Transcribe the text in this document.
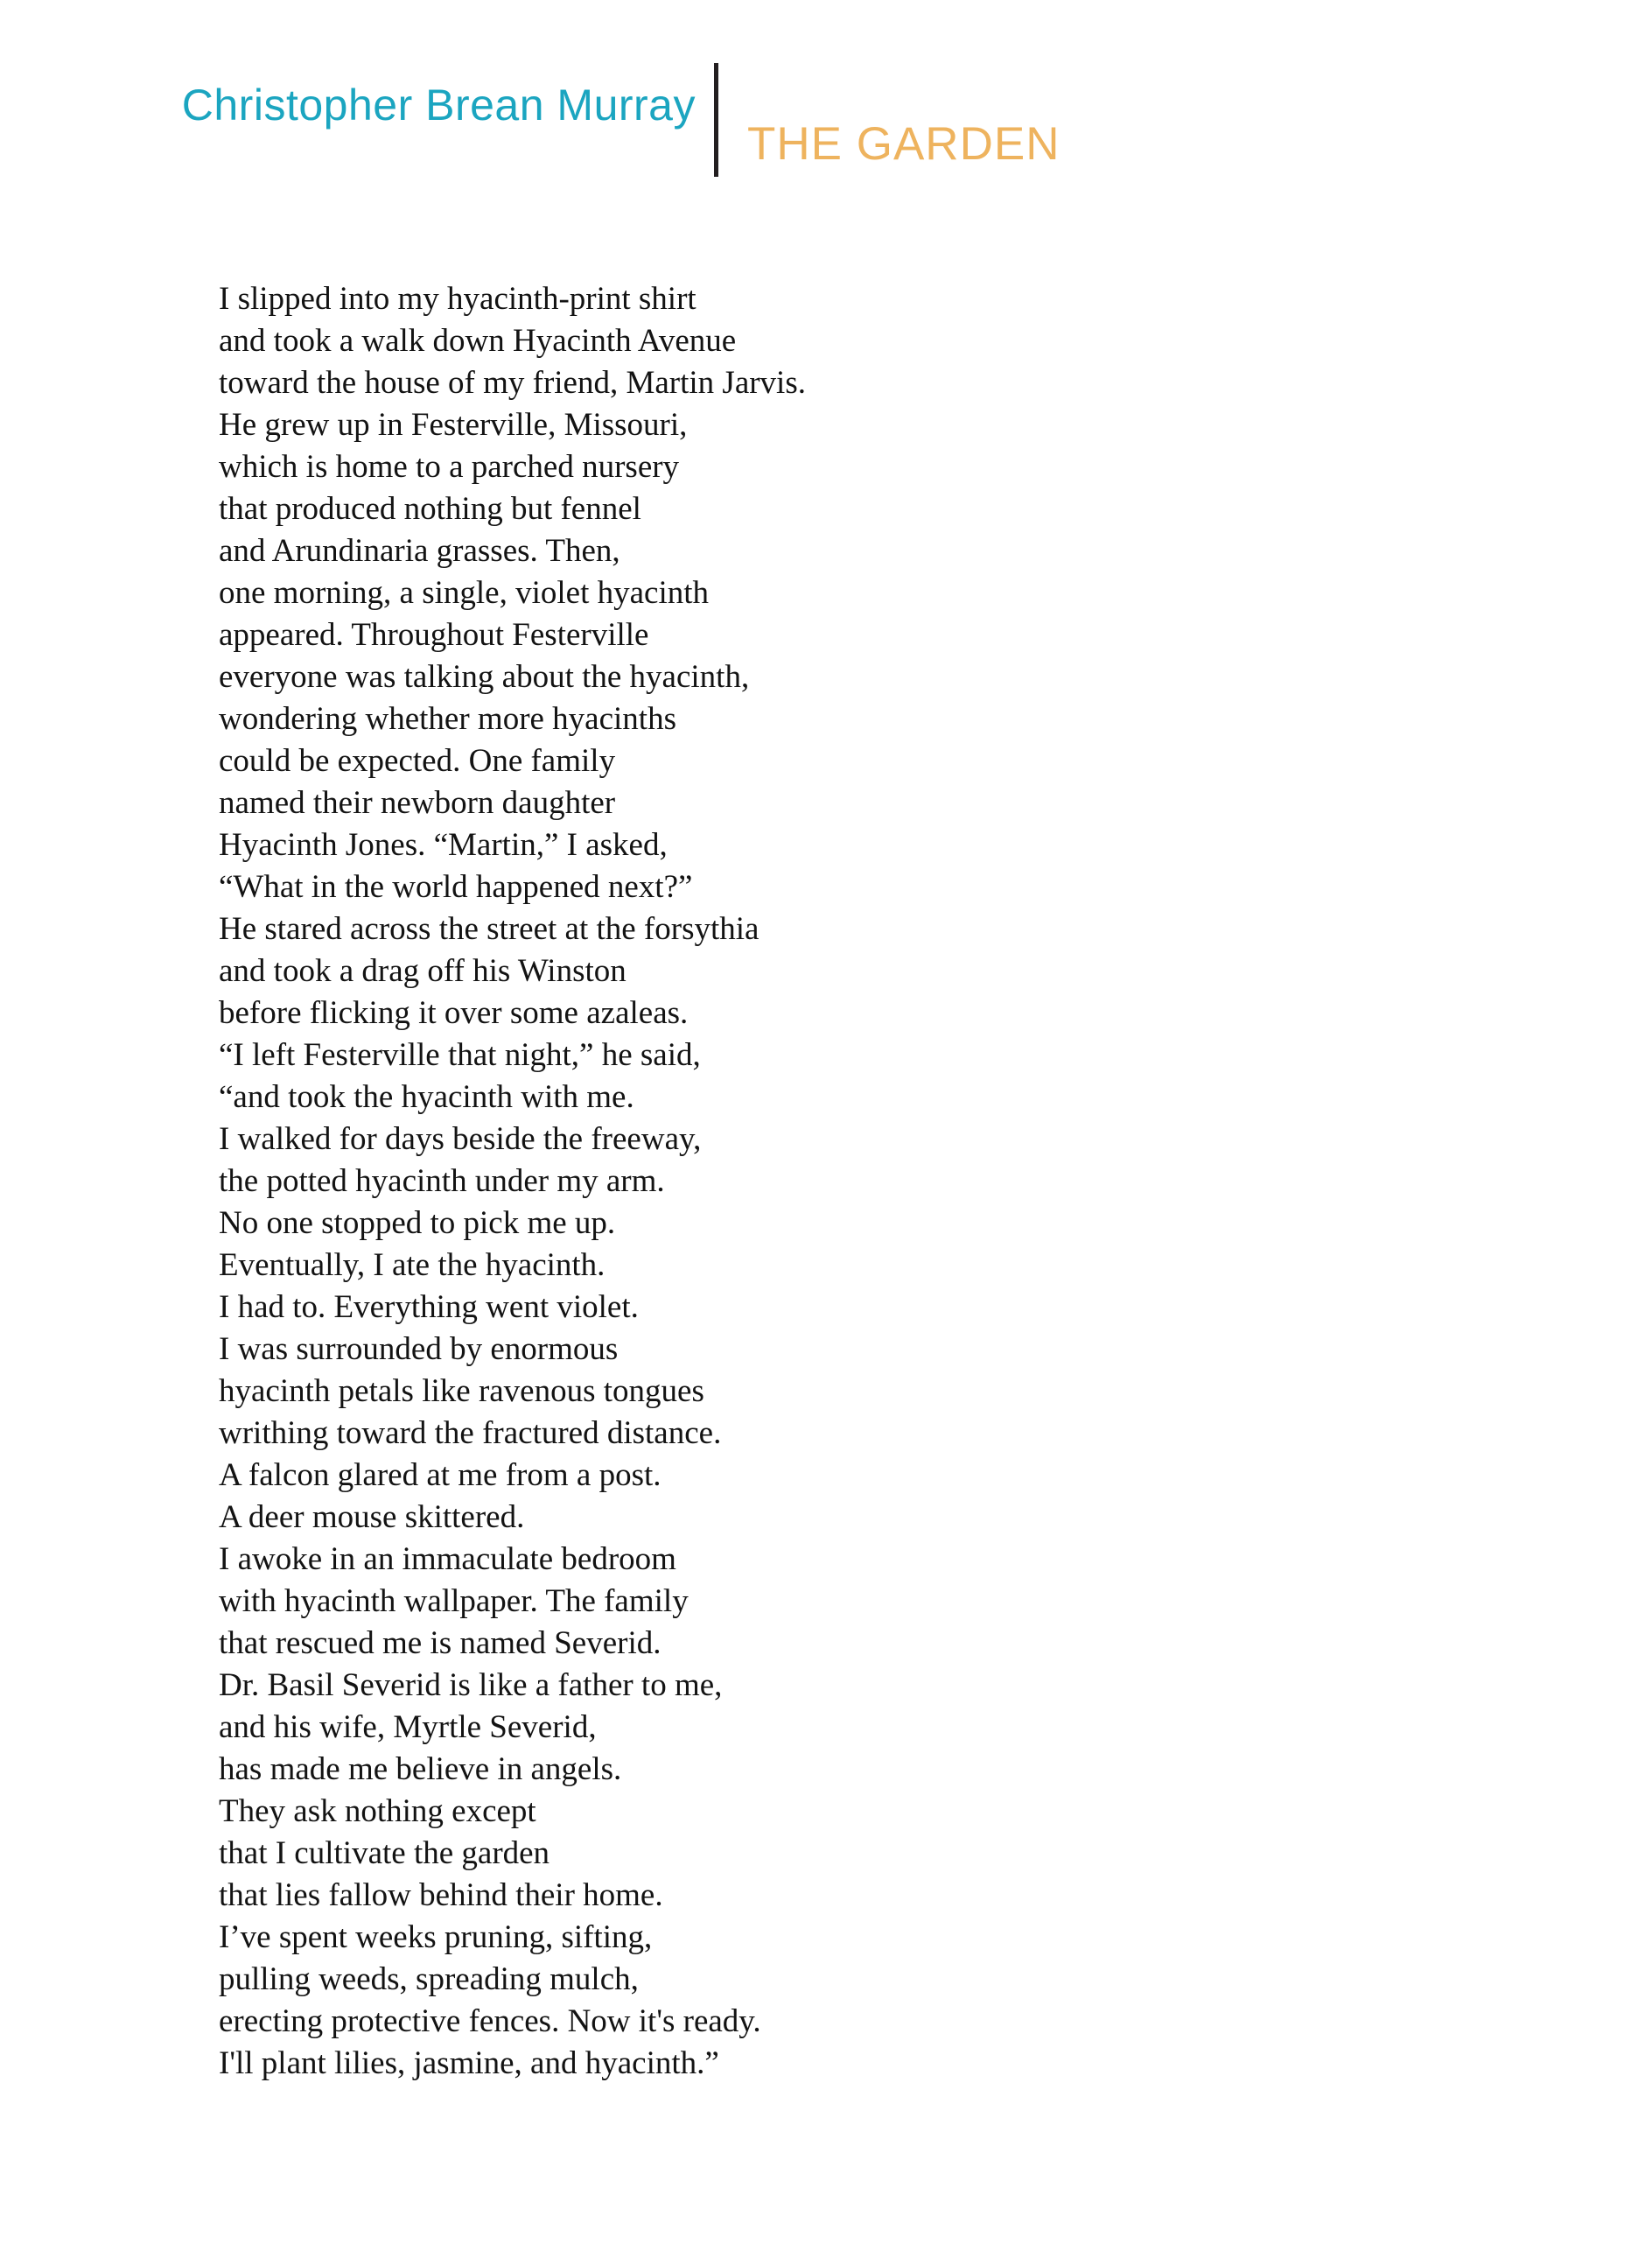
Christopher Brean Murray
THE GARDEN

I slipped into my hyacinth-print shirt

and took a walk down Hyacinth Avenue

toward the house of my friend, Martin Jarvis.

He grew up in Festerville, Missouri,

which is home to a parched nursery

that produced nothing but fennel

and Arundinaria grasses. Then,

one morning, a single, violet hyacinth

appeared. Throughout Festerville

everyone was talking about the hyacinth,

wondering whether more hyacinths

could be expected. One family

named their newborn daughter

Hyacinth Jones. “Martin,” I asked,

“What in the world happened next?”

He stared across the street at the forsythia

and took a drag off his Winston

before flicking it over some azaleas.

“I left Festerville that night,” he said,

“and took the hyacinth with me.

I walked for days beside the freeway,

the potted hyacinth under my arm.

No one stopped to pick me up.

Eventually, I ate the hyacinth.

I had to. Everything went violet.

I was surrounded by enormous

hyacinth petals like ravenous tongues

writhing toward the fractured distance.

A falcon glared at me from a post.

A deer mouse skittered.

I awoke in an immaculate bedroom

with hyacinth wallpaper. The family

that rescued me is named Severid.

Dr. Basil Severid is like a father to me,

and his wife, Myrtle Severid,

has made me believe in angels.

They ask nothing except

that I cultivate the garden

that lies fallow behind their home.

I’ve spent weeks pruning, sifting,

pulling weeds, spreading mulch,

erecting protective fences. Now it's ready.

I'll plant lilies, jasmine, and hyacinth.”
